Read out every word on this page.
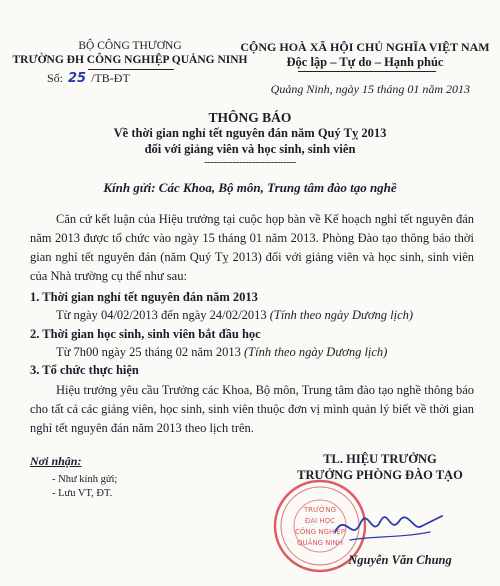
BỘ CÔNG THƯƠNG
TRƯỜNG ĐH CÔNG NGHIỆP QUẢNG NINH
Số: 25 /TB-ĐT
CỘNG HOÀ XÃ HỘI CHỦ NGHĨA VIỆT NAM
Độc lập – Tự do – Hạnh phúc
Quảng Ninh, ngày 15 tháng 01 năm 2013
THÔNG BÁO
Về thời gian nghỉ tết nguyên đán năm Quý Tỵ 2013
đối với giảng viên và học sinh, sinh viên
-----------------------------
Kính gửi: Các Khoa, Bộ môn, Trung tâm đào tạo nghề
Căn cứ kết luận của Hiệu trưởng tại cuộc họp bàn về Kế hoạch nghỉ tết nguyên đán năm 2013 được tổ chức vào ngày 15 tháng 01 năm 2013. Phòng Đào tạo thông báo thời gian nghỉ tết nguyên đán (năm Quý Tỵ 2013) đối với giảng viên và học sinh, sinh viên của Nhà trường cụ thể như sau:
1. Thời gian nghỉ tết nguyên đán năm 2013
Từ ngày 04/02/2013 đến ngày 24/02/2013 (Tính theo ngày Dương lịch)
2. Thời gian học sinh, sinh viên bắt đầu học
Từ 7h00 ngày 25 tháng 02 năm 2013 (Tính theo ngày Dương lịch)
3. Tổ chức thực hiện
Hiệu trưởng yêu cầu Trưởng các Khoa, Bộ môn, Trung tâm đào tạo nghề thông báo cho tất cả các giảng viên, học sinh, sinh viên thuộc đơn vị mình quản lý biết về thời gian nghỉ tết nguyên đán năm 2013 theo lịch trên.
Nơi nhận:
- Như kính gửi;
- Lưu VT, ĐT.
TL. HIỆU TRƯỞNG
TRƯỞNG PHÒNG ĐÀO TẠO
TRƯỜNG
ĐẠI HỌC
CÔNG NGHIỆP
QUẢNG NINH
Nguyễn Văn Chung
